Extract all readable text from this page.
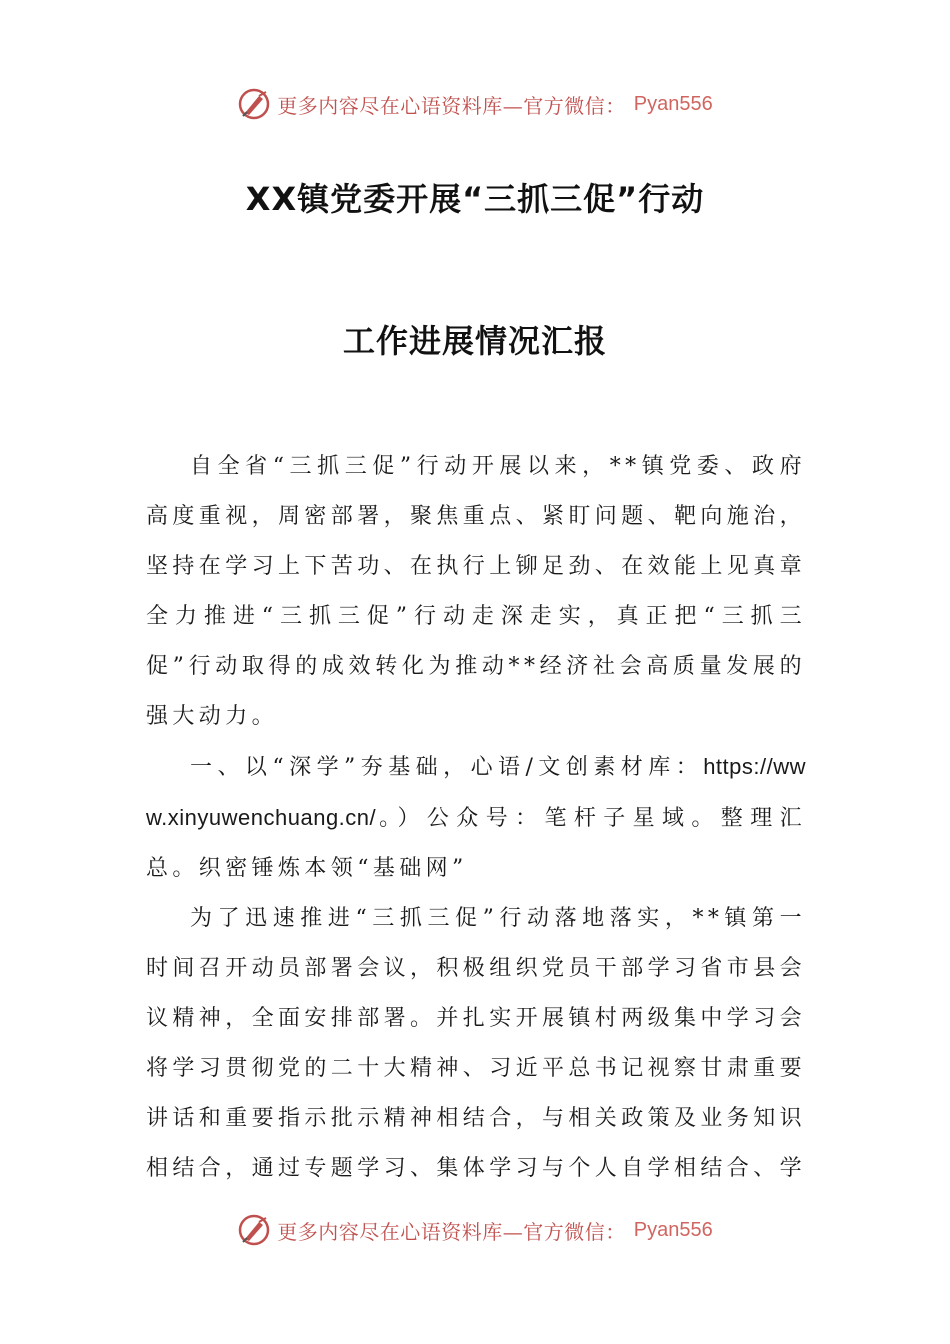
更多内容尽在心语资料库—官方微信： Pyan556
XX镇党委开展“三抓三促”行动
工作进展情况汇报

自全省“三抓三促”行动开展以来，**镇党委、政府高度重视，周密部署，聚焦重点、紧盯问题、靶向施治，坚持在学习上下苦功、在执行上铆足劲、在效能上见真章全力推进“三抓三促”行动走深走实，真正把“三抓三促”行动取得的成效转化为推动**经济社会高质量发展的强大动力。

一、以“深学”夯基础，心语/文创素材库：https://www.xinyuwenchuang.cn/。）公众号：笔杆子星域。整理汇总。织密锤炼本领“基础网”

为了迅速推进“三抓三促”行动落地落实，**镇第一时间召开动员部署会议，积极组织党员干部学习省市县会议精神，全面安排部署。并扎实开展镇村两级集中学习会将学习贯彻党的二十大精神、习近平总书记视察甘肃重要讲话和重要指示批示精神相结合，与相关政策及业务知识相结合，通过专题学习、集体学习与个人自学相结合、学

更多内容尽在心语资料库—官方微信： Pyan556
